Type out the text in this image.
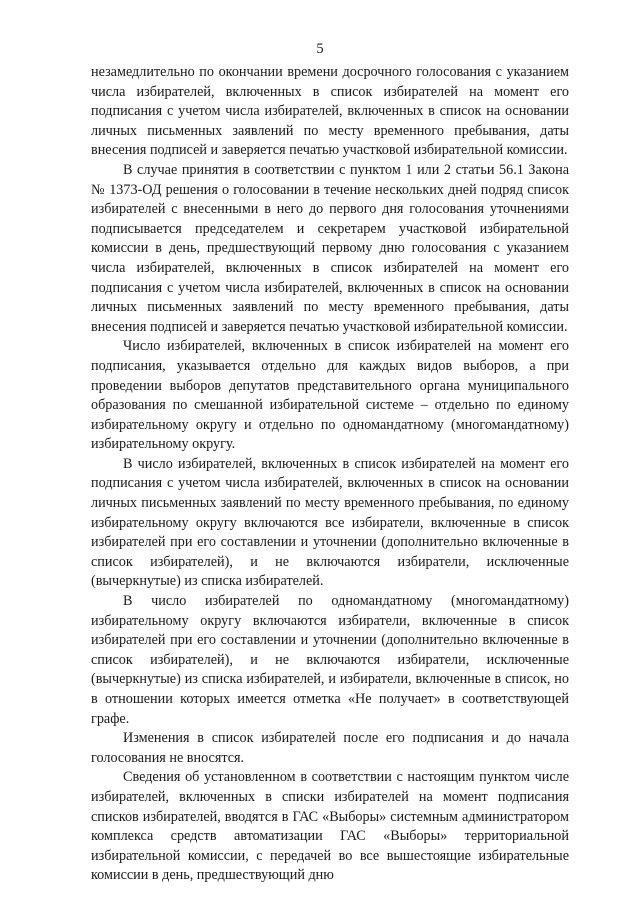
5

незамедлительно по окончании времени досрочного голосования с указанием числа избирателей, включенных в список избирателей на момент его подписания с учетом числа избирателей, включенных в список на основании личных письменных заявлений по месту временного пребывания, даты внесения подписей и заверяется печатью участковой избирательной комиссии.

В случае принятия в соответствии с пунктом 1 или 2 статьи 56.1 Закона № 1373-ОД решения о голосовании в течение нескольких дней подряд список избирателей с внесенными в него до первого дня голосования уточнениями подписывается председателем и секретарем участковой избирательной комиссии в день, предшествующий первому дню голосования с указанием числа избирателей, включенных в список избирателей на момент его подписания с учетом числа избирателей, включенных в список на основании личных письменных заявлений по месту временного пребывания, даты внесения подписей и заверяется печатью участковой избирательной комиссии.

Число избирателей, включенных в список избирателей на момент его подписания, указывается отдельно для каждых видов выборов, а при проведении выборов депутатов представительного органа муниципального образования по смешанной избирательной системе – отдельно по единому избирательному округу и отдельно по одномандатному (многомандатному) избирательному округу.

В число избирателей, включенных в список избирателей на момент его подписания с учетом числа избирателей, включенных в список на основании личных письменных заявлений по месту временного пребывания, по единому избирательному округу включаются все избиратели, включенные в список избирателей при его составлении и уточнении (дополнительно включенные в список избирателей), и не включаются избиратели, исключенные (вычеркнутые) из списка избирателей.

В число избирателей по одномандатному (многомандатному) избирательному округу включаются избиратели, включенные в список избирателей при его составлении и уточнении (дополнительно включенные в список избирателей), и не включаются избиратели, исключенные (вычеркнутые) из списка избирателей, и избиратели, включенные в список, но в отношении которых имеется отметка «Не получает» в соответствующей графе.

Изменения в список избирателей после его подписания и до начала голосования не вносятся.

Сведения об установленном в соответствии с настоящим пунктом числе избирателей, включенных в списки избирателей на момент подписания списков избирателей, вводятся в ГАС «Выборы» системным администратором комплекса средств автоматизации ГАС «Выборы» территориальной избирательной комиссии, с передачей во все вышестоящие избирательные комиссии в день, предшествующий дню
